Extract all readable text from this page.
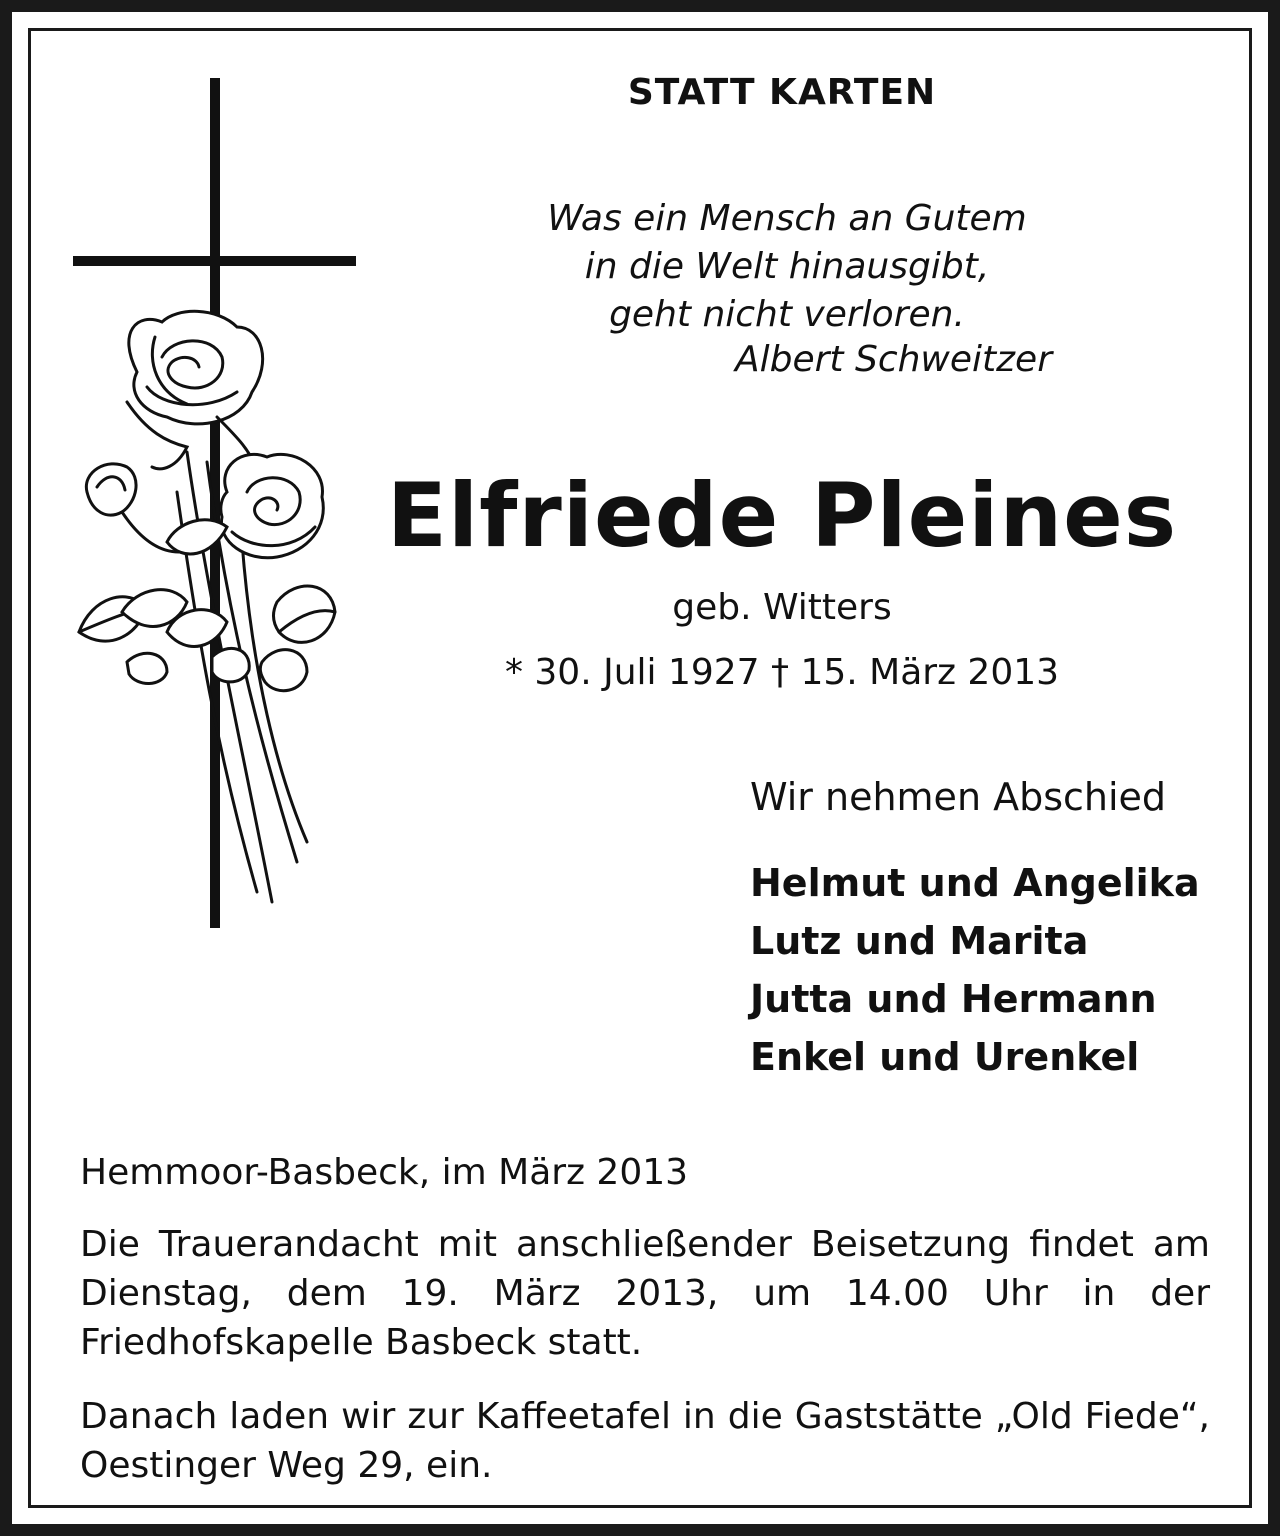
STATT KARTEN

Was ein Mensch an Gutem
in die Welt hinausgibt,
geht nicht verloren.

Albert Schweitzer

Elfriede Pleines

geb. Witters

* 30. Juli 1927 † 15. März 2013

Wir nehmen Abschied

Helmut und Angelika
Lutz und Marita
Jutta und Hermann
Enkel und Urenkel

Hemmoor-Basbeck, im März 2013

Die Trauerandacht mit anschließender Beisetzung findet am Dienstag, dem 19. März 2013, um 14.00 Uhr in der Friedhofskapelle Basbeck statt.

Danach laden wir zur Kaffeetafel in die Gaststätte „Old Fiede“, Oestinger Weg 29, ein.
